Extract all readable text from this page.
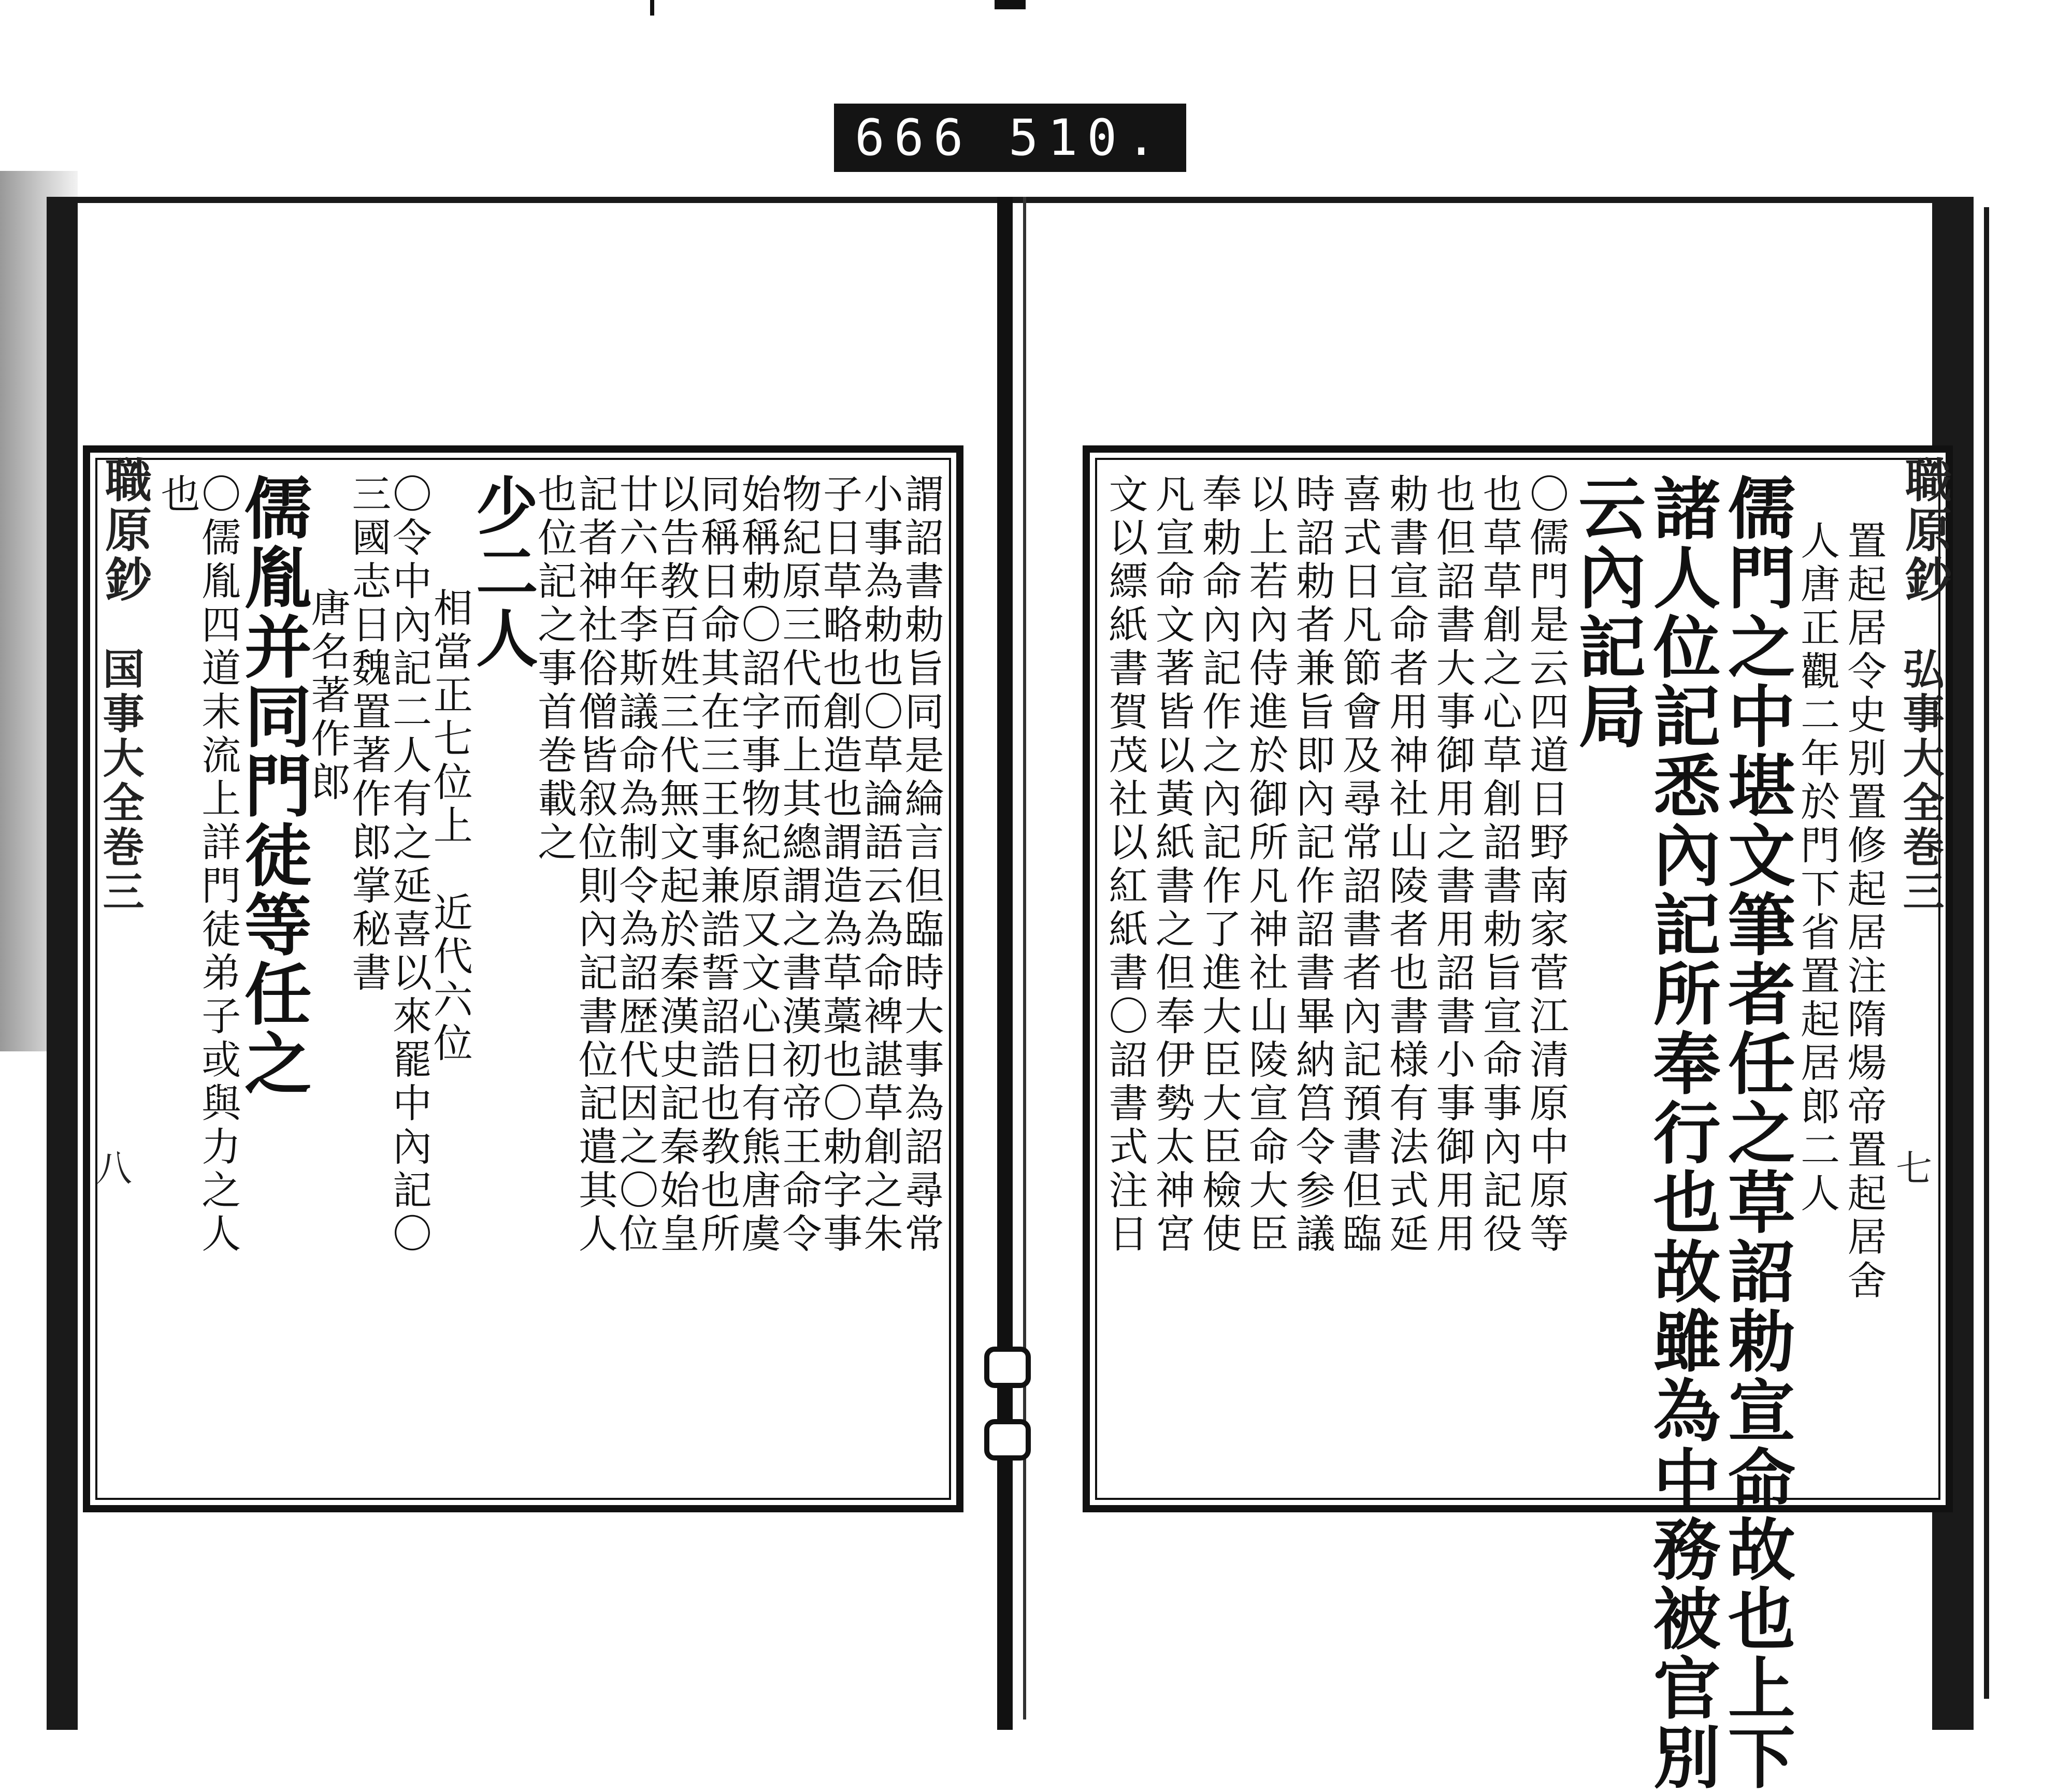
666 510.
置起居令史別置修起居注隋煬帝置起居舍
人唐正觀二年於門下省置起居郎二人
儒門之中堪文筆者任之草詔勅宣命故也上下
諸人位記悉內記所奉行也故雖為中務被官別
云內記局
〇儒門是云四道日野南家菅江清原中原等
也草草創之心草創詔書勅旨宣命事內記役
也但詔書大事御用之書用詔書小事御用用
勅書宣命者用神社山陵者也書様有法式延
喜式日凡節會及尋常詔書者內記預書但臨
時詔勅者兼旨即內記作詔書畢納筥令参議
以上若內侍進於御所凡神社山陵宣命大臣
奉勅命內記作之內記作了進大臣大臣檢使
凡宣命文著皆以黃紙書之但奉伊勢太神宮
文以縹紙書賀茂社以紅紙書〇詔書式注日	職原鈔
弘事大全巻三
七
謂詔書勅旨同是綸言但臨時大事為詔尋常
小事為勅也〇草論語云為命裨諶草創之朱
子日草略也創造也謂造為草藁也〇勅字事
物紀原三代而上其總謂之書漢初帝王命令
始稱勅〇詔字事物紀原又文心日有熊唐虞
同稱日命其在三王事兼誥誓詔誥也教也所
以告教百姓三代無文起於秦漢史記秦始皇
廿六年李斯議命為制令為詔歴代因之〇位
記者神社俗僧皆叙位則內記書位記遣其人
也位記之事首巻載之
少二人
相當正七位上　近代六位
〇令中內記二人有之延喜以來罷中內記〇
三國志日魏置著作郎掌秘書
唐名著作郎
儒胤并同門徒等任之
〇儒胤四道末流上詳門徒弟子或與力之人
也
職原鈔
国事大全巻三
八
